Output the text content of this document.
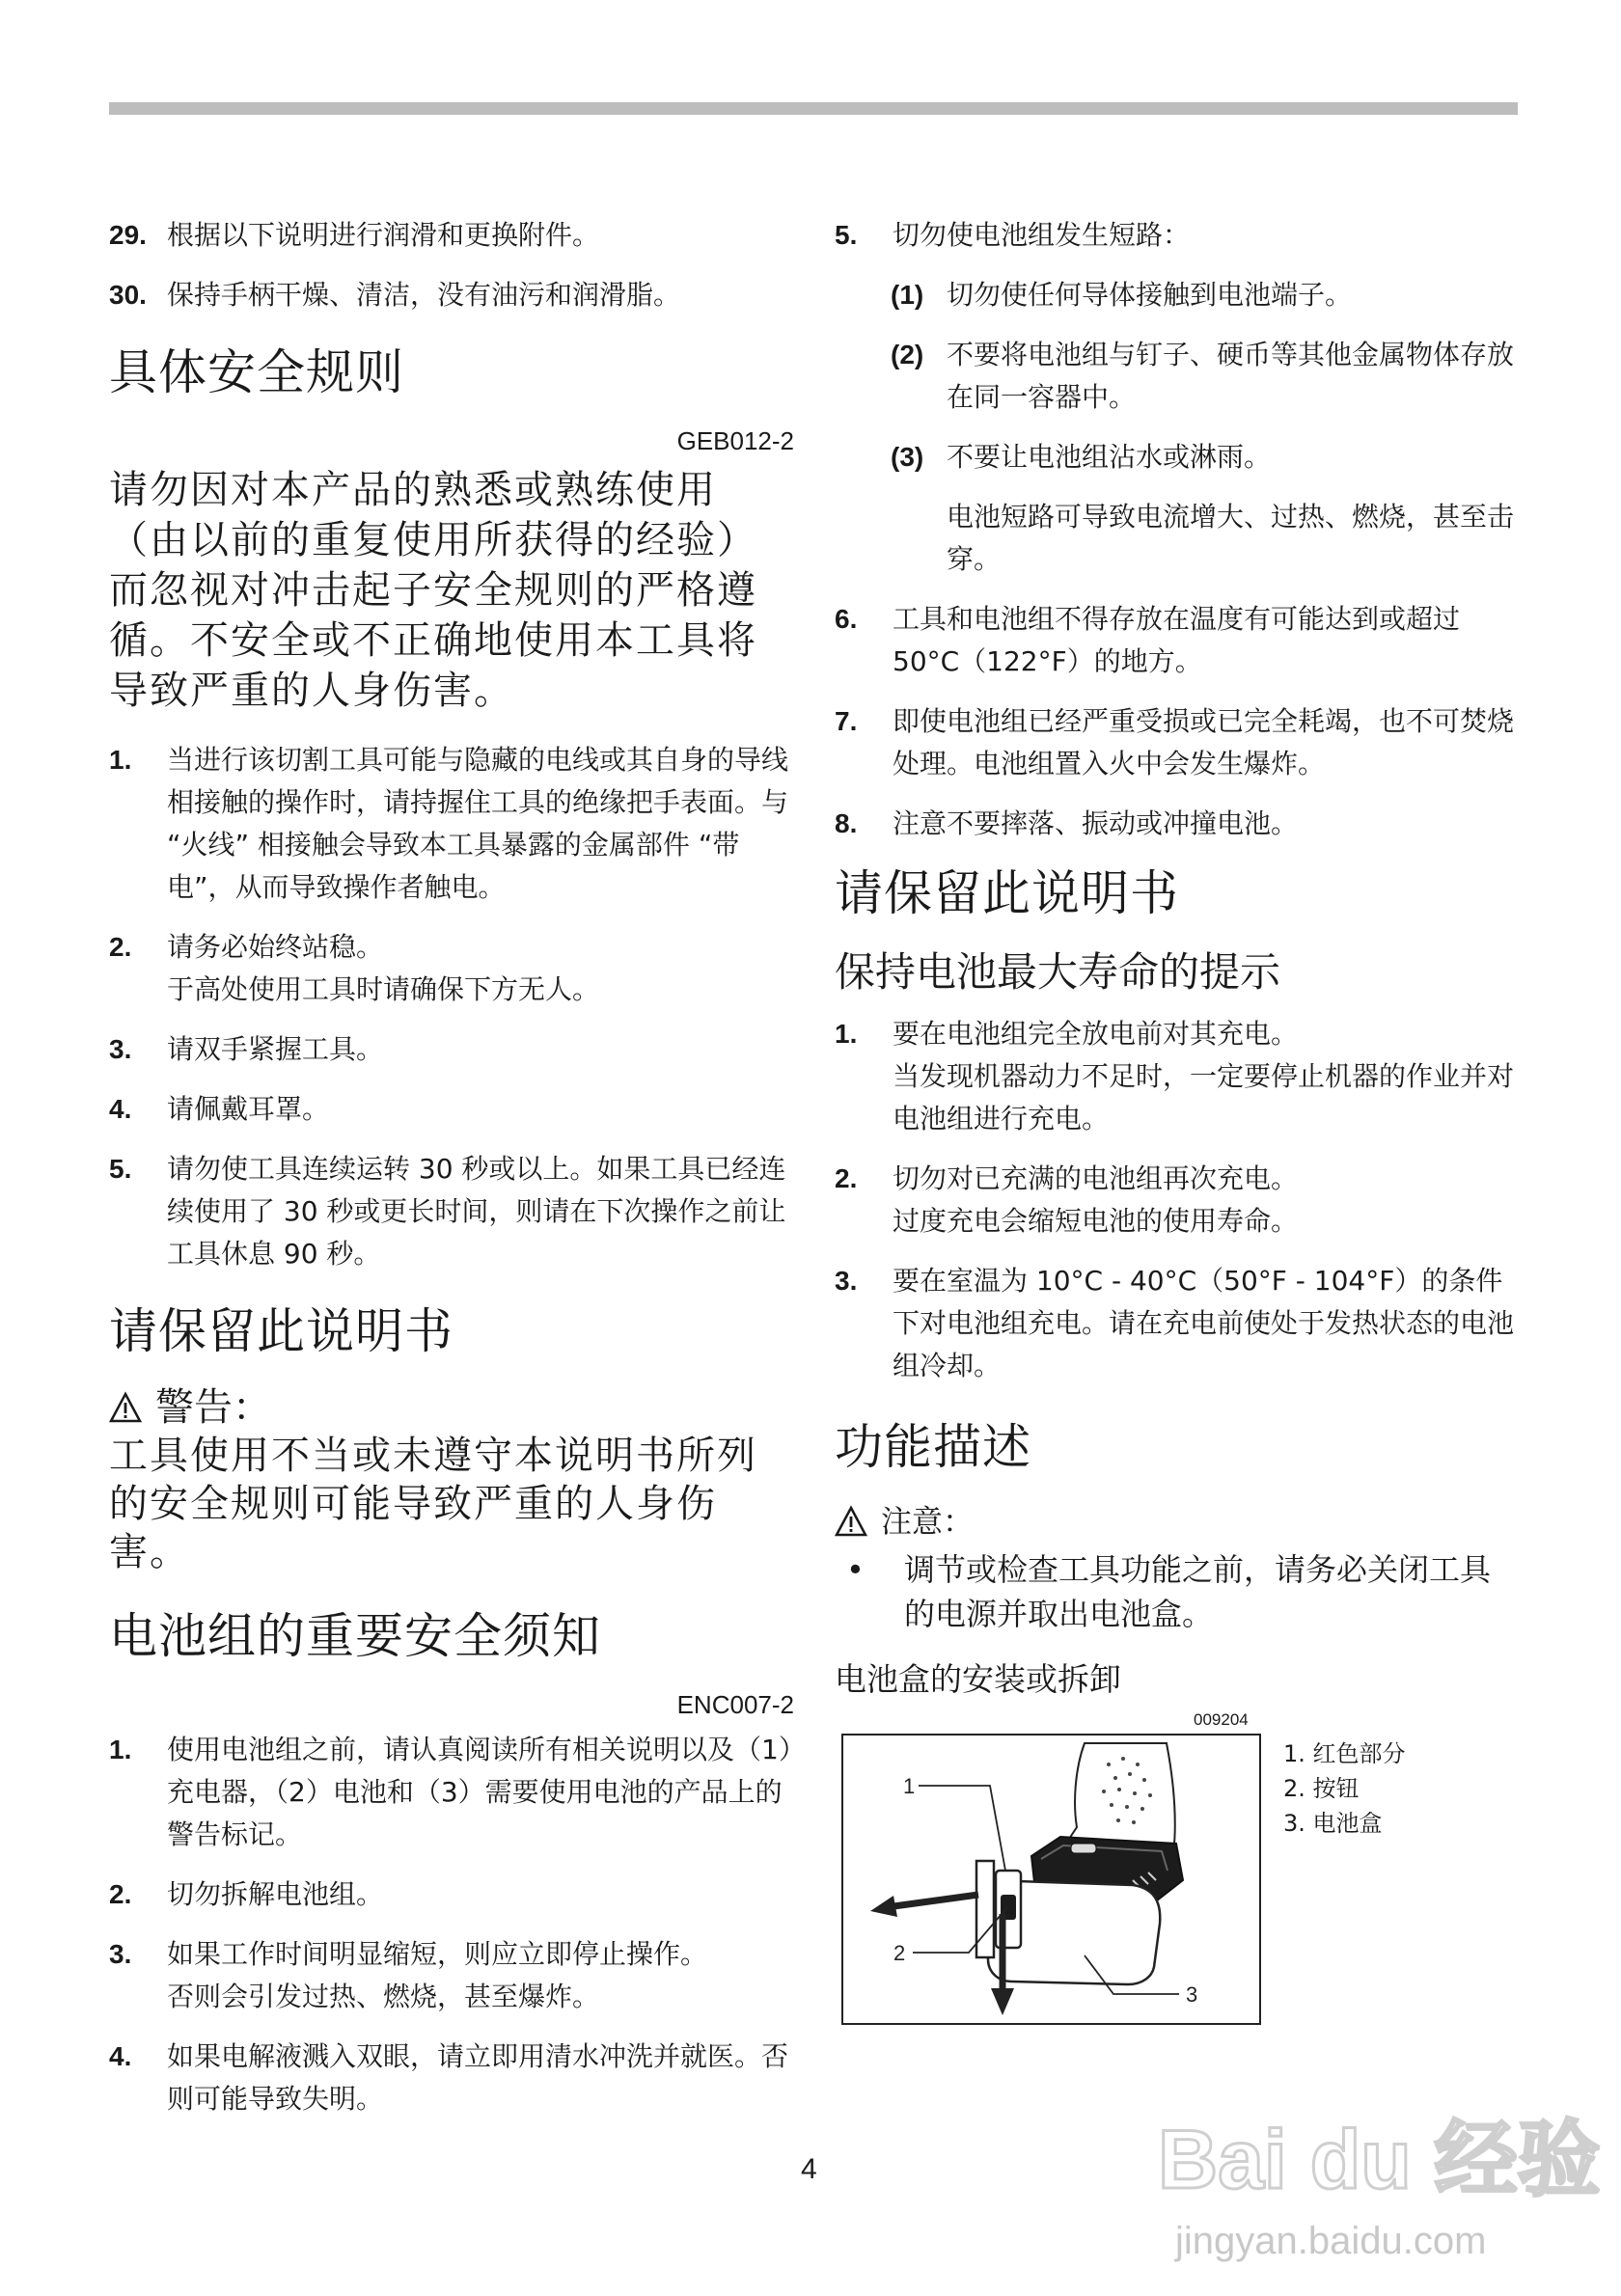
29. 根据以下说明进行润滑和更换附件。
30. 保持手柄干燥、清洁，没有油污和润滑脂。
具体安全规则
GEB012-2
请勿因对本产品的熟悉或熟练使用（由以前的重复使用所获得的经验）而忽视对冲击起子安全规则的严格遵循。不安全或不正确地使用本工具将导致严重的人身伤害。
1.	当进行该切割工具可能与隐藏的电线或其自身的导线相接触的操作时，请持握住工具的绝缘把手表面。与 “火线” 相接触会导致本工具暴露的金属部件 “带电”，从而导致操作者触电。

2.	请务必始终站稳。

于高处使用工具时请确保下方无人。

3.	请双手紧握工具。

4.	请佩戴耳罩。

5.	请勿使工具连续运转 30 秒或以上。如果工具已经连续使用了 30 秒或更长时间，则请在下次操作之前让工具休息 90 秒。

请保留此说明书
警告：
工具使用不当或未遵守本说明书所列的安全规则可能导致严重的人身伤害。
电池组的重要安全须知
ENC007-2
1.	使用电池组之前，请认真阅读所有相关说明以及（1）充电器，（2）电池和（3）需要使用电池的产品上的警告标记。

2.	切勿拆解电池组。

3.	如果工作时间明显缩短，则应立即停止操作。

否则会引发过热、燃烧，甚至爆炸。

4.	如果电解液溅入双眼，请立即用清水冲洗并就医。否则可能导致失明。

5.	切勿使电池组发生短路：
(1) 切勿使任何导体接触到电池端子。
(2) 不要将电池组与钉子、硬币等其他金属物体存放在同一容器中。
(3) 不要让电池组沾水或淋雨。
电池短路可导致电流增大、过热、燃烧，甚至击穿。
6.	工具和电池组不得存放在温度有可能达到或超过 50°C（122°F）的地方。

7.	即使电池组已经严重受损或已完全耗竭，也不可焚烧处理。电池组置入火中会发生爆炸。

8.	注意不要摔落、振动或冲撞电池。

请保留此说明书
保持电池最大寿命的提示
1.	要在电池组完全放电前对其充电。

当发现机器动力不足时，一定要停止机器的作业并对电池组进行充电。

2.	切勿对已充满的电池组再次充电。

过度充电会缩短电池的使用寿命。

3.	要在室温为 10°C - 40°C（50°F - 104°F）的条件下对电池组充电。请在充电前使处于发热状态的电池组冷却。

功能描述
注意：
•	调节或检查工具功能之前，请务必关闭工具的电源并取出电池盒。
电池盒的安装或拆卸
009204
1
2
3
1. 红色部分
2. 按钮
3. 电池盒
4	Bai du 经验
jingyan.baidu.com
